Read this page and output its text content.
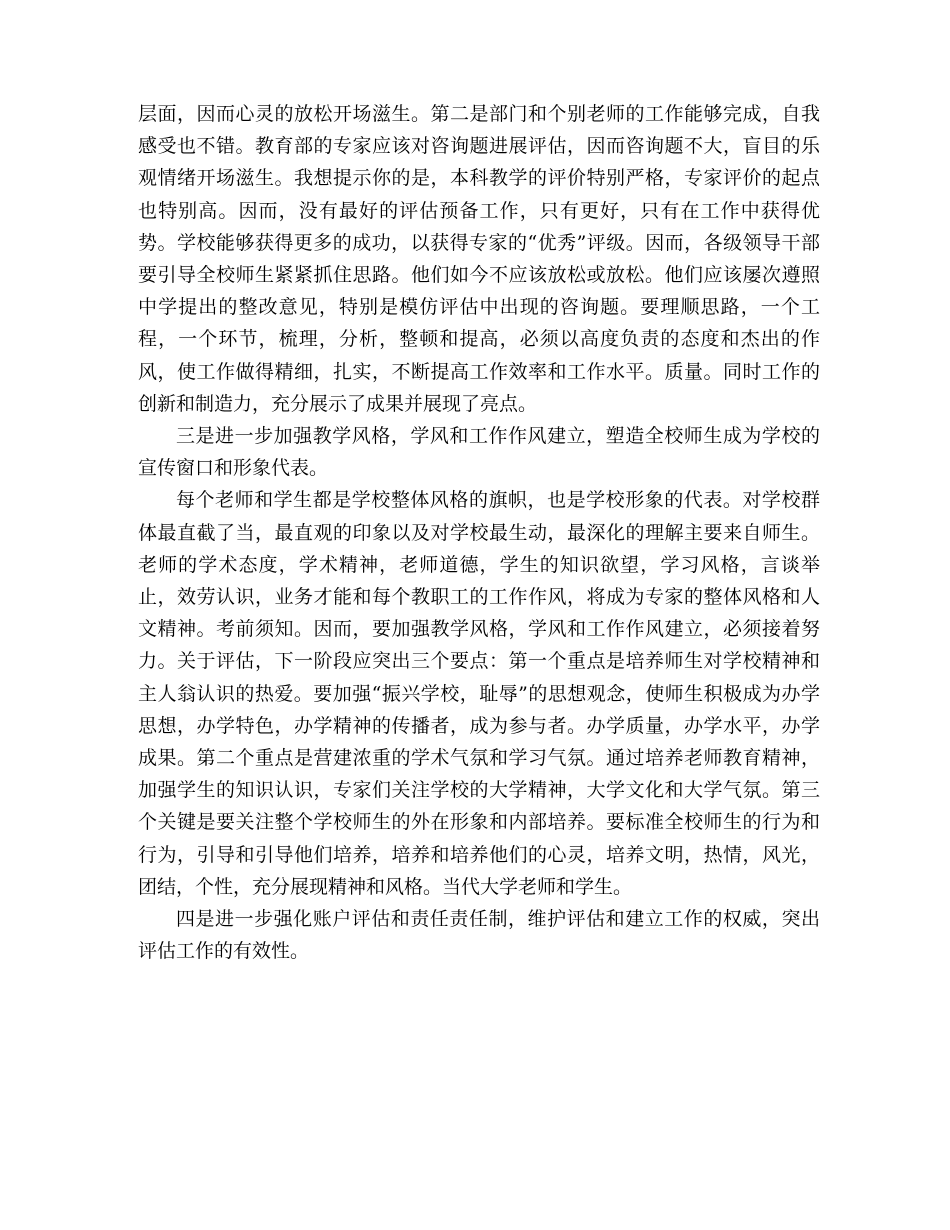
层面，因而心灵的放松开场滋生。第二是部门和个别老师的工作能够完成，自我感受也不错。教育部的专家应该对咨询题进展评估，因而咨询题不大，盲目的乐观情绪开场滋生。我想提示你的是，本科教学的评价特别严格，专家评价的起点也特别高。因而，没有最好的评估预备工作，只有更好，只有在工作中获得优势。学校能够获得更多的成功，以获得专家的“优秀”评级。因而，各级领导干部要引导全校师生紧紧抓住思路。他们如今不应该放松或放松。他们应该屡次遵照中学提出的整改意见，特别是模仿评估中出现的咨询题。要理顺思路，一个工程，一个环节，梳理，分析，整顿和提高，必须以高度负责的态度和杰出的作风，使工作做得精细，扎实，不断提高工作效率和工作水平。质量。同时工作的创新和制造力，充分展示了成果并展现了亮点。

三是进一步加强教学风格，学风和工作作风建立，塑造全校师生成为学校的宣传窗口和形象代表。

每个老师和学生都是学校整体风格的旗帜，也是学校形象的代表。对学校群体最直截了当，最直观的印象以及对学校最生动，最深化的理解主要来自师生。老师的学术态度，学术精神，老师道德，学生的知识欲望，学习风格，言谈举止，效劳认识，业务才能和每个教职工的工作作风，将成为专家的整体风格和人文精神。考前须知。因而，要加强教学风格，学风和工作作风建立，必须接着努力。关于评估，下一阶段应突出三个要点：第一个重点是培养师生对学校精神和主人翁认识的热爱。要加强“振兴学校，耻辱”的思想观念，使师生积极成为办学思想，办学特色，办学精神的传播者，成为参与者。办学质量，办学水平，办学成果。第二个重点是营建浓重的学术气氛和学习气氛。通过培养老师教育精神，加强学生的知识认识，专家们关注学校的大学精神，大学文化和大学气氛。第三个关键是要关注整个学校师生的外在形象和内部培养。要标准全校师生的行为和行为，引导和引导他们培养，培养和培养他们的心灵，培养文明，热情，风光，团结，个性，充分展现精神和风格。当代大学老师和学生。

四是进一步强化账户评估和责任责任制，维护评估和建立工作的权威，突出评估工作的有效性。
